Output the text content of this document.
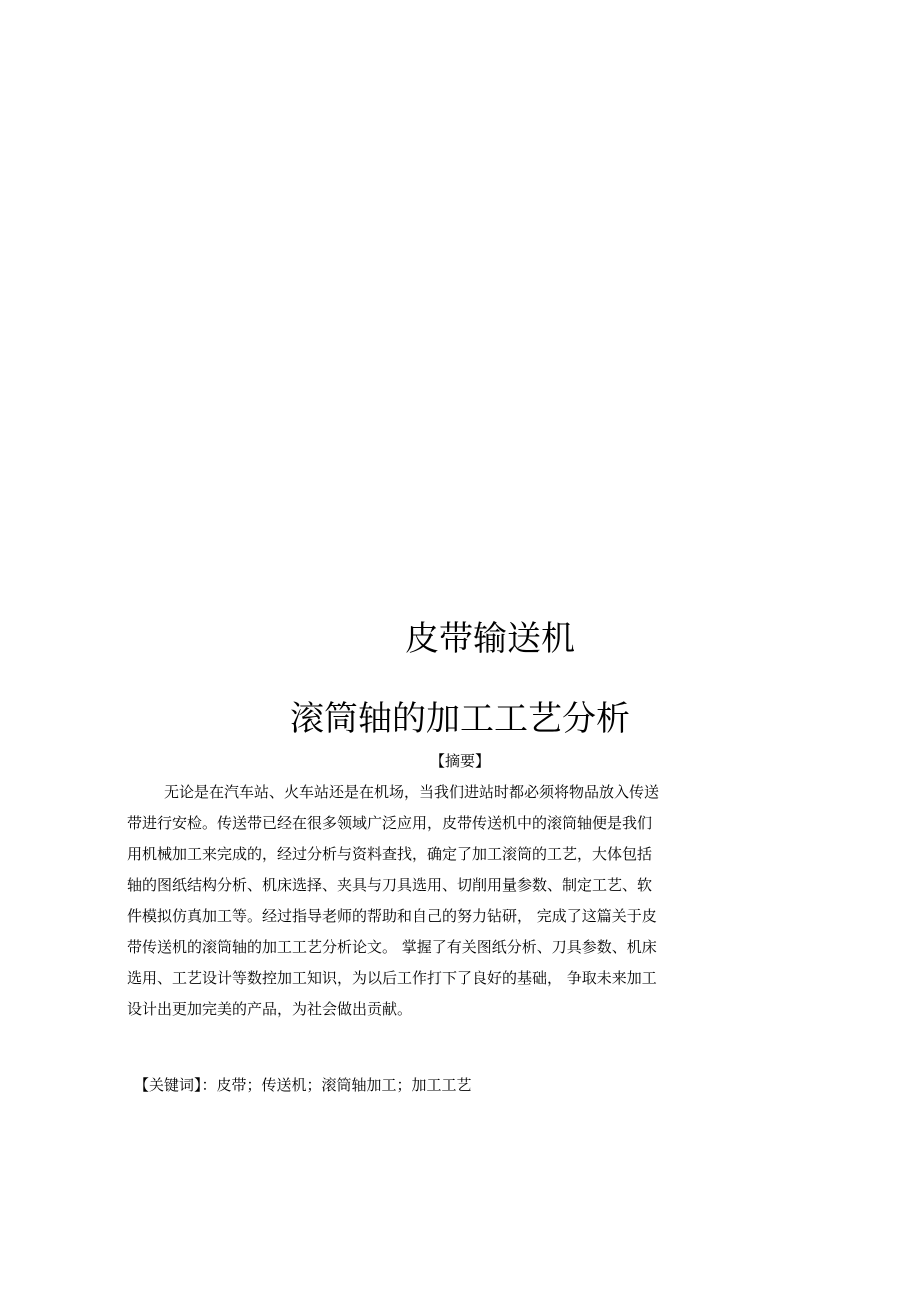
皮带输送机
滚筒轴的加工工艺分析
【摘要】
无论是在汽车站、火车站还是在机场，当我们进站时都必须将物品放入传送
带进行安检。传送带已经在很多领域广泛应用，皮带传送机中的滚筒轴便是我们
用机械加工来完成的，经过分析与资料查找，确定了加工滚筒的工艺，大体包括
轴的图纸结构分析、机床选择、夹具与刀具选用、切削用量参数、制定工艺、软
件模拟仿真加工等。经过指导老师的帮助和自己的努力钻研， 完成了这篇关于皮
带传送机的滚筒轴的加工工艺分析论文。 掌握了有关图纸分析、刀具参数、机床
选用、工艺设计等数控加工知识，为以后工作打下了良好的基础， 争取未来加工
设计出更加完美的产品，为社会做出贡献。
【关键词】：皮带；传送机；滚筒轴加工；加工工艺
